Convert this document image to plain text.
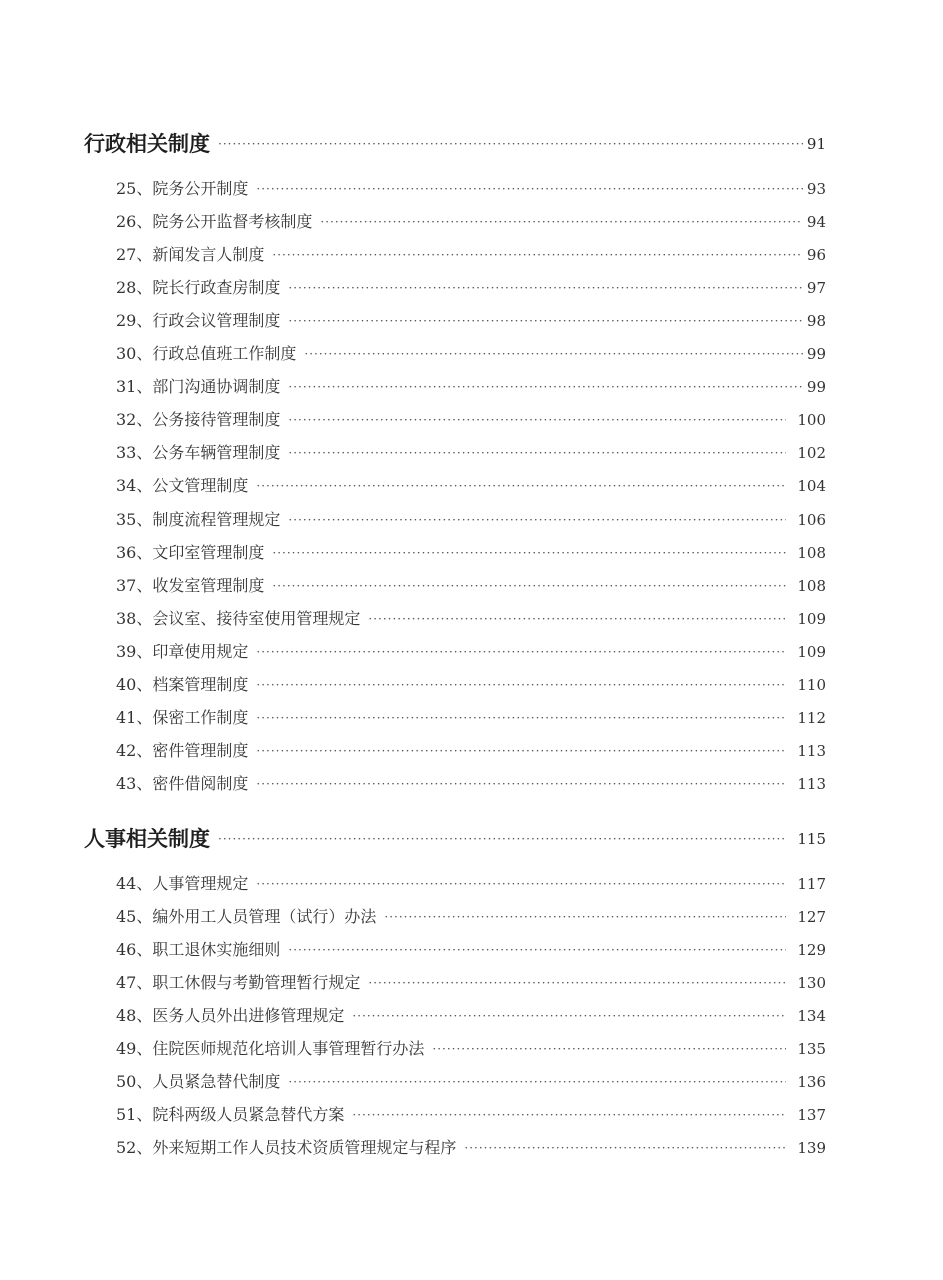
行政相关制度 ·····	91
25、院务公开制度 ·····	93
26、院务公开监督考核制度 ·····	94
27、新闻发言人制度 ·····	96
28、院长行政查房制度 ·····	97
29、行政会议管理制度 ·····	98
30、行政总值班工作制度 ·····	99
31、部门沟通协调制度 ·····	99
32、公务接待管理制度 ·····	100
33、公务车辆管理制度 ·····	102
34、公文管理制度 ·····	104
35、制度流程管理规定 ·····	106
36、文印室管理制度 ·····	108
37、收发室管理制度 ·····	108
38、会议室、接待室使用管理规定 ·····	109
39、印章使用规定 ·····	109
40、档案管理制度 ·····	110
41、保密工作制度 ·····	112
42、密件管理制度 ·····	113
43、密件借阅制度 ·····	113
人事相关制度 ·····	115
44、人事管理规定 ·····	117
45、编外用工人员管理（试行）办法 ·····	127
46、职工退休实施细则 ·····	129
47、职工休假与考勤管理暂行规定 ·····	130
48、医务人员外出进修管理规定 ·····	134
49、住院医师规范化培训人事管理暂行办法 ·····	135
50、人员紧急替代制度 ·····	136
51、院科两级人员紧急替代方案 ·····	137
52、外来短期工作人员技术资质管理规定与程序 ·····	139
